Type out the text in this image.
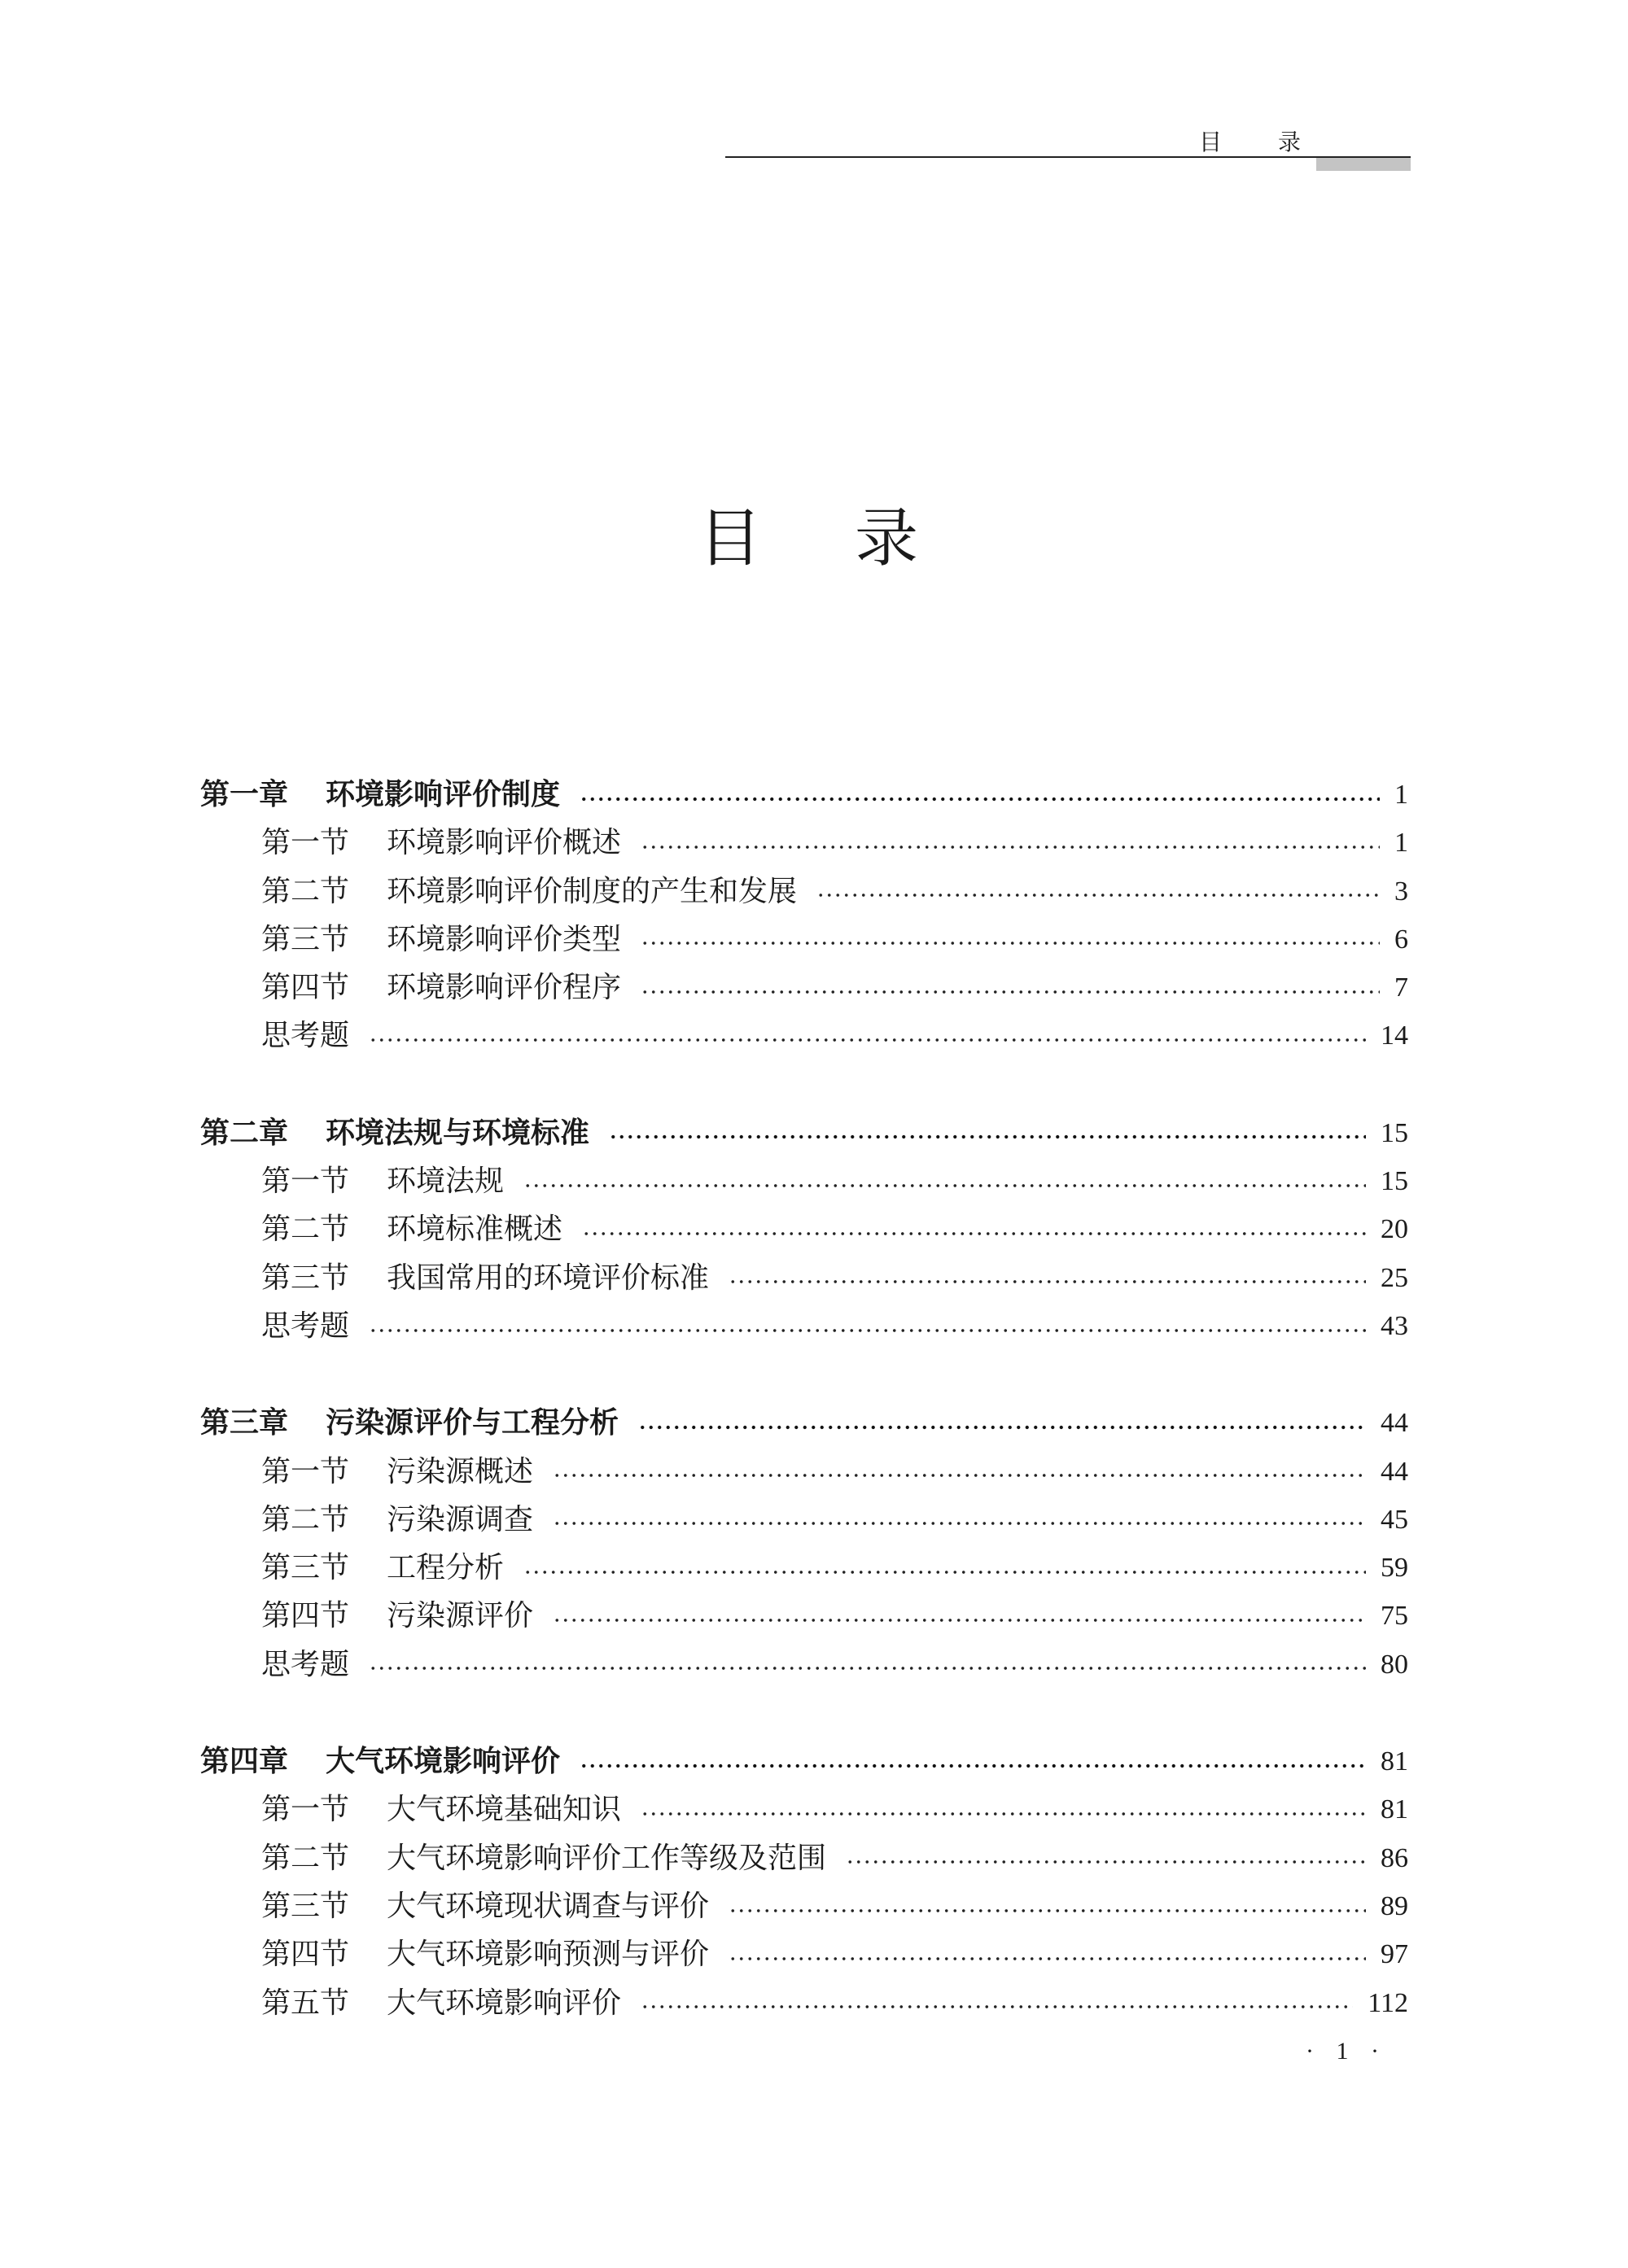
目录
目录
第一章	环境影响评价制度	1
第一节	环境影响评价概述	1
第二节	环境影响评价制度的产生和发展	3
第三节	环境影响评价类型	6
第四节	环境影响评价程序	7
思考题	14
第二章	环境法规与环境标准	15
第一节	环境法规	15
第二节	环境标准概述	20
第三节	我国常用的环境评价标准	25
思考题	43
第三章	污染源评价与工程分析	44
第一节	污染源概述	44
第二节	污染源调查	45
第三节	工程分析	59
第四节	污染源评价	75
思考题	80
第四章	大气环境影响评价	81
第一节	大气环境基础知识	81
第二节	大气环境影响评价工作等级及范围	86
第三节	大气环境现状调查与评价	89
第四节	大气环境影响预测与评价	97
第五节	大气环境影响评价	112
· 1 ·
